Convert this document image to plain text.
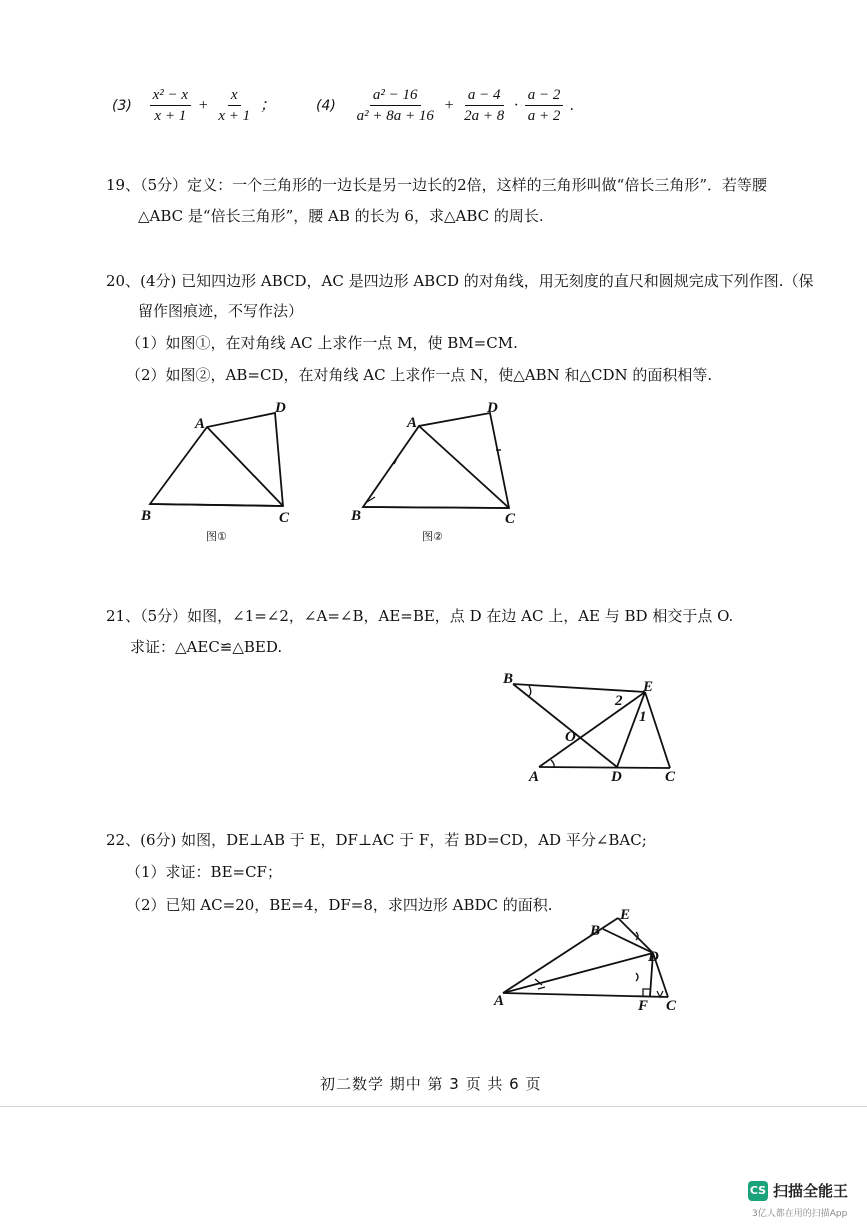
$(3) \frac{\text{x² − x}}{x + 1} + \frac{x}{x + 1}$ ；	$(4) \frac{\text{a² − 16}}{\text{a² + 8a + 16}} + \frac{a - 4}{2a + 8} \cdot \frac{a - 2}{a + 2}$ .
19、（5分）定义：一个三角形的一边长是另一边长的2倍，这样的三角形叫做“倍长三角形”．若等腰
△ABC 是“倍长三角形”，腰 AB 的长为 6，求△ABC 的周长.
20、(4分) 已知四边形 ABCD，AC 是四边形 ABCD 的对角线，用无刻度的直尺和圆规完成下列作图.（保
留作图痕迹，不写作法）
（1）如图①，在对角线 AC 上求作一点 M，使 BM=CM.
（2）如图②，AB=CD，在对角线 AC 上求作一点 N，使△ABN 和△CDN 的面积相等.
A
D
B	C
图①
A
D
B	C
图②
21、（5分）如图，∠1=∠2，∠A=∠B，AE=BE，点 D 在边 AC 上，AE 与 BD 相交于点 O.
求证：△AEC≌△BED.
B	E
2
1
O
A	D	C
22、(6分) 如图，DE⊥AB 于 E，DF⊥AC 于 F，若 BD=CD，AD 平分∠BAC;
（1）求证：BE=CF；
（2）已知 AC=20，BE=4，DF=8，求四边形 ABDC 的面积.
E
B
D
A	F C
初二数学 期中 第 3 页 共 6 页
CS 扫描全能王
3亿人都在用的扫描App
